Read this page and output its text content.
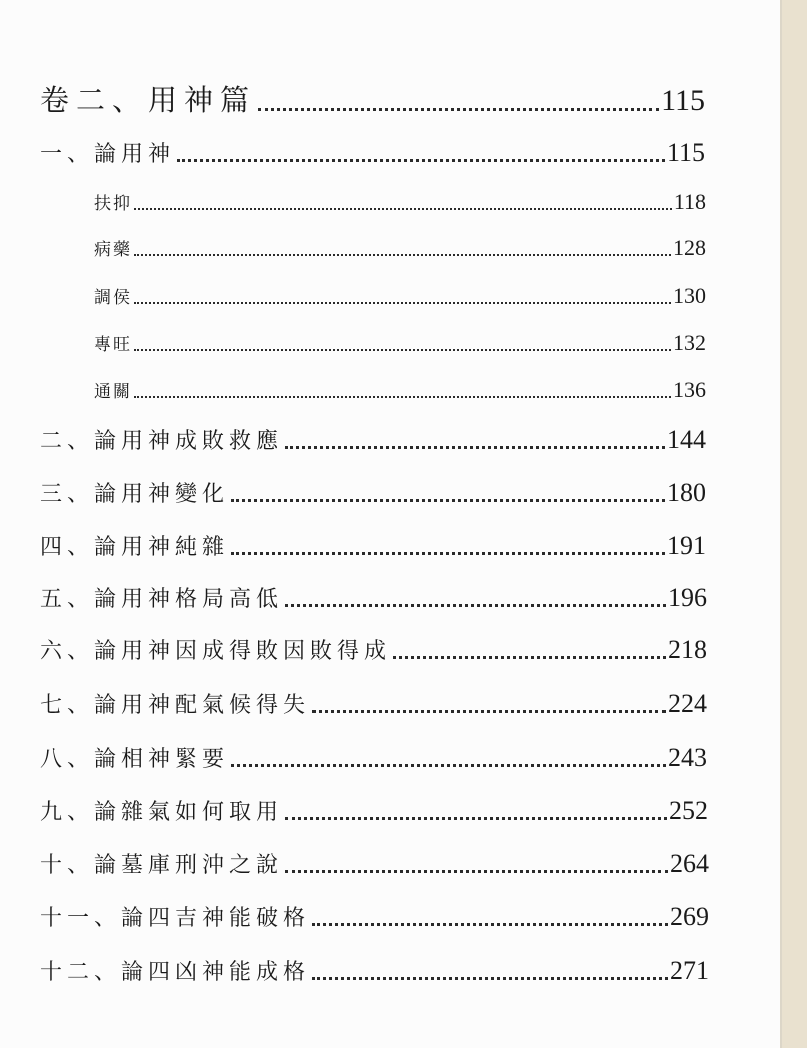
卷二、用神篇	115
一、論用神	115
扶抑	118
病藥	128
調侯	130
專旺	132
通關	136
二、論用神成敗救應	144
三、論用神變化	180
四、論用神純雜	191
五、論用神格局高低	196
六、論用神因成得敗因敗得成	218
七、論用神配氣候得失	224
八、論相神緊要	243
九、論雜氣如何取用	252
十、論墓庫刑沖之說	264
十一、論四吉神能破格	269
十二、論四凶神能成格	271
